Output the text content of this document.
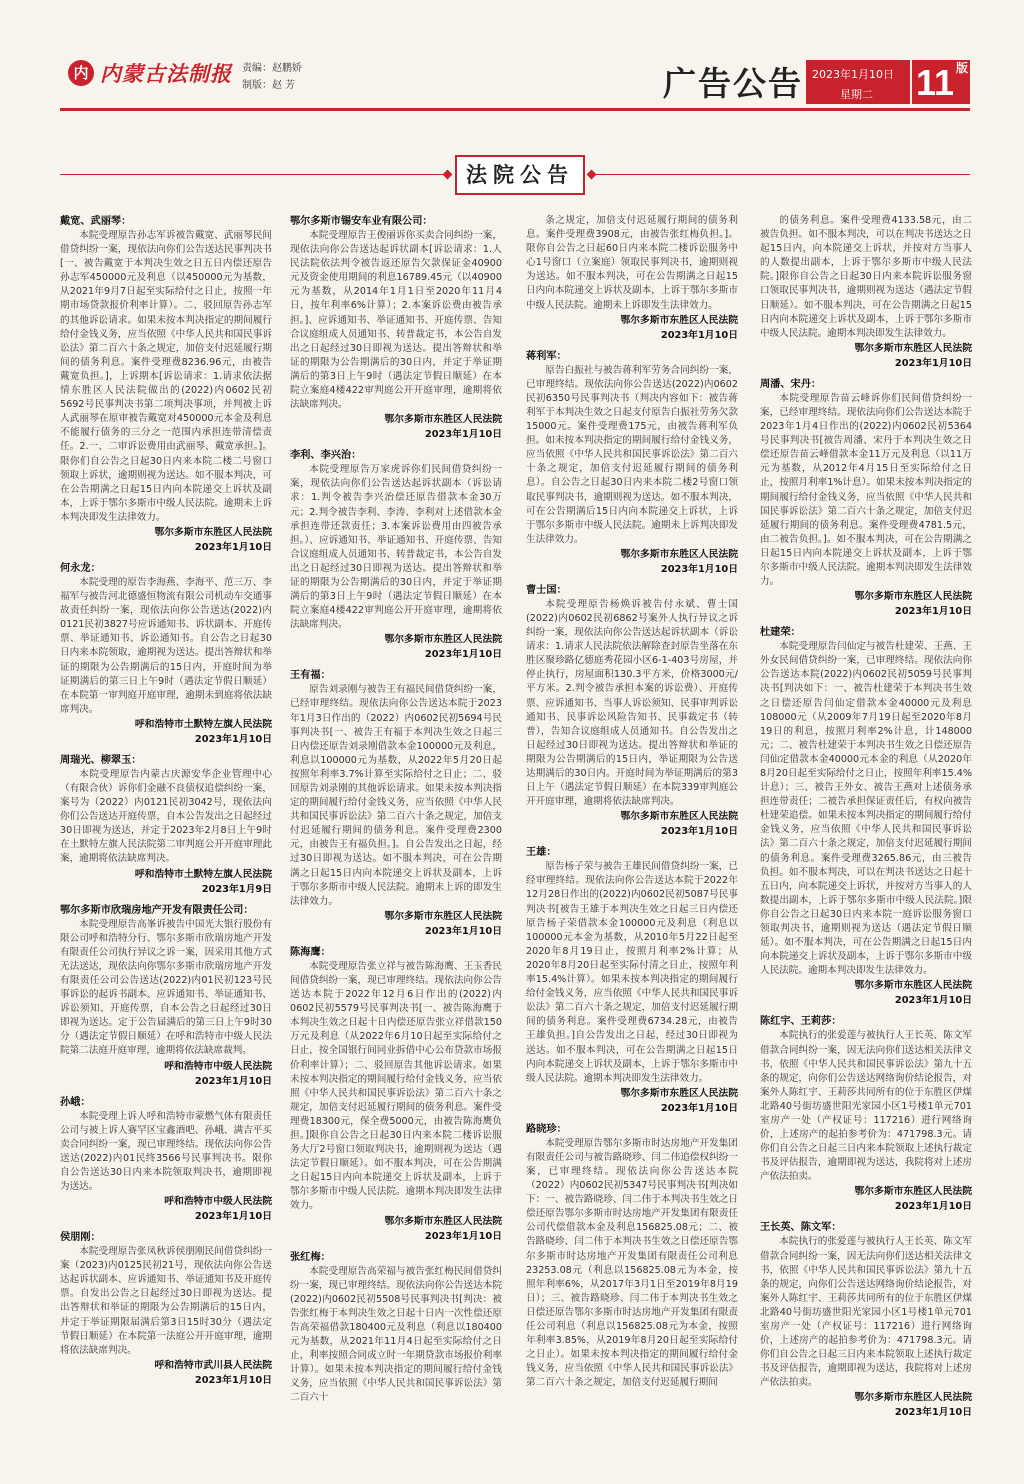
内 内蒙古法制报 责编：赵鹏娇
制版：赵 芳	广告公告 2023年1月10日
星期二 11 版
法院公告
戴宽、武丽琴：

本院受理原告孙志军诉被告戴宽、武丽琴民间借贷纠纷一案，现依法向你们公告送达民事判决书[一、被告戴宽于本判决生效之日五日内偿还原告孙志军450000元及利息（以450000元为基数，从2021年9月7日起至实际给付之日止，按照一年期市场贷款报价利率计算）。二、驳回原告孙志军的其他诉讼请求。如果未按本判决指定的期间履行给付金钱义务，应当依照《中华人民共和国民事诉讼法》第二百六十条之规定，加倍支付迟延履行期间的债务利息。案件受理费8236.96元，由被告戴宽负担。]，上诉期本[诉讼请求：1.请求依法据情东胜区人民法院做出的(2022)内0602民初5692号民事判决书第二项判决事项，并判被上诉人武丽琴在原审被告戴宽对450000元本金及利息不能履行债务的三分之一范围内承担连带清偿责任。2.一、二审诉讼费用由武丽琴、戴宽承担。]。限你们自公告之日起30日内来本院二楼二号窗口领取上诉状，逾期则视为送达。如不服本判决，可在公告期满之日起15日内向本院递交上诉状及副本，上诉于鄂尔多斯市中级人民法院。逾期未上诉本判决即发生法律效力。

鄂尔多斯市东胜区人民法院
2023年1月10日
何永龙：

本院受理的原告李海燕、李海平、范三万、李福军与被告河北德盛恒物流有限公司机动车交通事故责任纠纷一案，现依法向你公告送达(2022)内0121民初3827号应诉通知书、诉状副本、开庭传票、举证通知书、诉讼通知书。自公告之日起30日内来本院领取，逾期视为送达。提出答辩状和举证的期限为公告期满后的15日内，开庭时间为举证期满后的第三日上午9时（遇法定节假日顺延）在本院第一审判庭开庭审理，逾期未到庭将依法缺席判决。

呼和浩特市土默特左旗人民法院
2023年1月10日
周瑞光、柳翠玉：

本院受理原告内蒙古庆源安华企业管理中心（有限合伙）诉你们金融不良债权追偿纠纷一案，案号为（2022）内0121民初3042号，现依法向你们公告送达开庭传票，自本公告发出之日起经过30日即视为送达，并定于2023年2月8日上午9时在土默特左旗人民法院第二审判庭公开开庭审理此案，逾期将依法缺席判决。

呼和浩特市土默特左旗人民法院
2023年1月9日
鄂尔多斯市欣瑞房地产开发有限责任公司：

本院受理原告高峯诉被告中国光大银行股份有限公司呼和浩特分行、鄂尔多斯市欣瑞房地产开发有限责任公司执行异议之诉一案，因采用其他方式无法送达，现依法向你鄂尔多斯市欣瑞房地产开发有限责任公司公告送达(2022)内01民初123号民事诉讼的起诉书副本、应诉通知书、举证通知书、诉讼须知、开庭传票，自本公告之日起经过30日即视为送达。定于公告届满后的第三日上午9时30分（遇法定节假日顺延）在呼和浩特市中级人民法院第二法庭开庭审理，逾期将依法缺席裁判。

呼和浩特市中级人民法院
2023年1月10日
孙峨：

本院受理上诉人呼和浩特市蒙燃气体有限责任公司与被上诉人赛罕区宝鑫酒吧、孙峨、满吉平买卖合同纠纷一案，现已审理终结。现依法向你公告送达(2022)内01民终3566号民事判决书。限你自公告送达30日内来本院领取判决书，逾期即视为送达。

呼和浩特市中级人民法院
2023年1月10日
侯朋刚：

本院受理原告张凤秋诉侯朋刚民间借贷纠纷一案（2023)内0125民初21号，现依法向你公告送达起诉状副本、应诉通知书、举证通知书及开庭传票。自发出公告之日起经过30日即视为送达。提出答辩状和举证的期限为公告期满后的15日内，并定于举证期限届满后第3日15时30分（遇法定节假日顺延）在本院第一法庭公开开庭审理，逾期将依法缺席判决。

呼和浩特市武川县人民法院
2023年1月10日
鄂尔多斯市锡安车业有限公司：

本院受理原告王俊丽诉你买卖合同纠纷一案，现依法向你公告送达起诉状副本[诉讼请求：1.人民法院依法判令被告返还原告欠款保证金40900元及资金使用期间的利息16789.45元（以40900元为基数，从2014年1月1日至2020年11月4日，按年利率6%计算）；2.本案诉讼费由被告承担。]、应诉通知书、举证通知书、开庭传票、告知合议庭组成人员通知书、转普裁定书，本公告自发出之日起经过30日即视为送达。提出答辩状和举证的期限为公告期满后的30日内，并定于举证期满后的第3日上午9时（遇法定节假日顺延）在本院立案庭4楼422审判庭公开开庭审理，逾期将依法缺席判决。

鄂尔多斯市东胜区人民法院
2023年1月10日
李利、李兴治：

本院受理原告万家虎诉你们民间借贷纠纷一案，现依法向你们公告送达起诉状副本（诉讼请求：1.判令被告李兴治偿还原告借款本金30万元；2.判令被告李利、李涛、李利对上述借款本金承担连带还款责任；3.本案诉讼费用由四被告承担。）、应诉通知书、举证通知书、开庭传票、告知合议庭组成人员通知书、转普裁定书，本公告自发出之日起经过30日即视为送达。提出答辩状和举证的期限为公告期满后的30日内，并定于举证期满后的第3日上午9时（遇法定节假日顺延）在本院立案庭4楼422审判庭公开开庭审理，逾期将依法缺席判决。

鄂尔多斯市东胜区人民法院
2023年1月10日
王有福：

原告刘录刚与被告王有福民间借贷纠纷一案，已经审理终结。现依法向你公告送达本院于2023年1月3日作出的（2022）内0602民初5694号民事判决书[一、被告王有福于本判决生效之日起三日内偿还原告刘录刚借款本金100000元及利息，利息以100000元为基数，从2022年5月20日起按照年利率3.7%计算至实际给付之日止；二、驳回原告刘录刚的其他诉讼请求。如果未按本判决指定的期间履行给付金钱义务，应当依照《中华人民共和国民事诉讼法》第二百六十条之规定，加倍支付迟延履行期间的债务利息。案件受理费2300元，由被告王有福负担。]。自公告发出之日起，经过30日即视为送达。如不服本判决，可在公告期满之日起15日内向本院递交上诉状及副本，上诉于鄂尔多斯市中级人民法院。逾期未上诉的即发生法律效力。

鄂尔多斯市东胜区人民法院
2023年1月10日
陈海鹰：

本院受理原告张立祥与被告陈海鹰、王玉香民间借贷纠纷一案，现已审理终结。现依法向你公告送达本院于2022年12月6日作出的(2022)内0602民初5579号民事判决书[一、被告陈海鹰于本判决生效之日起十日内偿还原告张立祥借款150万元及利息（从2022年6月10日起至实际给付之日止，按全国银行间同业拆借中心公布贷款市场报价利率计算）；二、驳回原告其他诉讼请求。如果未按本判决指定的期间履行给付金钱义务，应当依照《中华人民共和国民事诉讼法》第二百六十条之规定，加倍支付迟延履行期间的债务利息。案件受理费18300元，保全费5000元，由被告陈海鹰负担。]限你自公告之日起30日内来本院二楼诉讼服务大厅2号窗口领取判决书，逾期则视为送达（遇法定节假日顺延）。如不服本判决，可在公告期满之日起15日内向本院递交上诉状及副本，上诉于鄂尔多斯市中级人民法院。逾期本判决即发生法律效力。

鄂尔多斯市东胜区人民法院
2023年1月10日
张红梅：

本院受理原告高荣福与被告张红梅民间借贷纠纷一案，现已审理终结。现依法向你公告送达本院(2022)内0602民初5508号民事判决书[判决：被告张红梅于本判决生效之日起十日内一次性偿还原告高荣福借款180400元及利息（利息以180400元为基数，从2021年11月4日起至实际给付之日止，利率按照合同成立时一年期贷款市场报价利率计算）。如果未按本判决指定的期间履行给付金钱义务，应当依照《中华人民共和国民事诉讼法》第二百六十

条之规定，加倍支付迟延履行期间的债务利息。案件受理费3908元，由被告张红梅负担。]。限你自公告之日起60日内来本院二楼诉讼服务中心1号窗口（立案庭）领取民事判决书，逾期则视为送达。如不服本判决，可在公告期满之日起15日内向本院递交上诉状及副本，上诉于鄂尔多斯市中级人民法院。逾期未上诉即发生法律效力。

鄂尔多斯市东胜区人民法院
2023年1月10日
蒋利军：

原告白振社与被告蒋利军劳务合同纠纷一案，已审理终结。现依法向你公告送达(2022)内0602民初6350号民事判决书（判决内容如下：被告蒋利军于本判决生效之日起支付原告白振社劳务欠款15000元。案件受理费175元，由被告蒋利军负担。如未按本判决指定的期间履行给付金钱义务，应当依照《中华人民共和国民事诉讼法》第二百六十条之规定，加倍支付迟延履行期间的债务利息）。自公告之日起30日内来本院二楼2号窗口领取民事判决书，逾期则视为送达。如不服本判决，可在公告期满后15日内向本院递交上诉状，上诉于鄂尔多斯市中级人民法院。逾期未上诉判决即发生法律效力。

鄂尔多斯市东胜区人民法院
2023年1月10日
曹士国：

本院受理原告杨焕诉被告付永斌、曹士国(2022)内0602民初6862号案外人执行异议之诉纠纷一案，现依法向你公告送达起诉状副本（诉讼请求：1.请求人民法院依法解除查封原告坐落在东胜区聚珍路亿德庭秀花园小区6-1-403号房屋，并停止执行，房屋面积130.3平方米，价格3000元/平方米。2.判令被告承担本案的诉讼费）、开庭传票、应诉通知书、当事人诉讼须知、民事审判诉讼通知书、民事诉讼风险告知书、民事裁定书（转普），告知合议庭组成人员通知书。自公告发出之日起经过30日即视为送达。提出答辩状和举证的期限为公告期满后的15日内，举证期限为公告送达期满后的30日内。开庭时间为举证期满后的第3日上午（遇法定节假日顺延）在本院339审判庭公开开庭审理，逾期将依法缺席判决。

鄂尔多斯市东胜区人民法院
2023年1月10日
王雄：

原告杨子荣与被告王雄民间借贷纠纷一案，已经审理终结。现依法向你公告送达本院于2022年12月28日作出的(2022)内0602民初5087号民事判决书[被告王雄于本判决生效之日起三日内偿还原告杨子荣借款本金100000元及利息（利息以100000元本金为基数，从2010年5月22日起至2020年8月19日止，按照月利率2%计算；从2020年8月20日起至实际付清之日止，按照年利率15.4%计算）。如果未按本判决指定的期间履行给付金钱义务，应当依照《中华人民共和国民事诉讼法》第二百六十条之规定，加倍支付迟延履行期间的债务利息。案件受理费6734.28元，由被告王雄负担。]自公告发出之日起，经过30日即视为送达。如不服本判决，可在公告期满之日起15日内向本院递交上诉状及副本，上诉于鄂尔多斯市中级人民法院。逾期本判决即发生法律效力。

鄂尔多斯市东胜区人民法院
2023年1月10日
路晓珍：

本院受理原告鄂尔多斯市时达房地产开发集团有限责任公司与被告路晓珍、闫二伟追偿权纠纷一案，已审理终结。现依法向你公告送达本院（2022）内0602民初5347号民事判决书[判决如下：一、被告路晓珍、闫二伟于本判决书生效之日偿还原告鄂尔多斯市时达房地产开发集团有限责任公司代偿借款本金及利息156825.08元；二、被告路晓珍、闫二伟于本判决书生效之日偿还原告鄂尔多斯市时达房地产开发集团有限责任公司利息23253.08元（利息以156825.08元为本金，按照年利率6%，从2017年3月1日至2019年8月19日）；三、被告路晓珍、闫二伟于本判决书生效之日偿还原告鄂尔多斯市时达房地产开发集团有限责任公司利息（利息以156825.08元为本金，按照年利率3.85%，从2019年8月20日起至实际给付之日止）。如果未按本判决指定的期间履行给付金钱义务，应当依照《中华人民共和国民事诉讼法》第二百六十条之规定，加倍支付迟延履行期间

的债务利息。案件受理费4133.58元，由二被告负担。如不服本判决，可以在判决书送达之日起15日内，向本院递交上诉状，并按对方当事人的人数提出副本，上诉于鄂尔多斯市中级人民法院。]限你自公告之日起30日内来本院诉讼服务窗口领取民事判决书，逾期则视为送达（遇法定节假日顺延）。如不服本判决，可在公告期满之日起15日内向本院递交上诉状及副本，上诉于鄂尔多斯市中级人民法院。逾期本判决即发生法律效力。

鄂尔多斯市东胜区人民法院
2023年1月10日
周潘、宋丹：

本院受理原告苗云峰诉你们民间借贷纠纷一案，已经审理终结。现依法向你们公告送达本院于2023年1月4日作出的(2022)内0602民初5364号民事判决书[被告周潘、宋丹于本判决生效之日偿还原告苗云峰借款本金11万元及利息（以11万元为基数，从2012年4月15日至实际给付之日止，按照月利率1%计息）。如果未按本判决指定的期间履行给付金钱义务，应当依照《中华人民共和国民事诉讼法》第二百六十条之规定，加倍支付迟延履行期间的债务利息。案件受理费4781.5元，由二被告负担。]。如不服本判决，可在公告期满之日起15日内向本院递交上诉状及副本，上诉于鄂尔多斯市中级人民法院。逾期本判决即发生法律效力。

鄂尔多斯市东胜区人民法院
2023年1月10日
杜建荣：

本院受理原告闫仙定与被告杜建荣、王燕、王外女民间借贷纠纷一案，已审理终结。现依法向你公告送达本院(2022)内0602民初5059号民事判决书[判决如下：一、被告杜建荣于本判决书生效之日偿还原告闫仙定借款本金40000元及利息108000元（从2009年7月19日起至2020年8月19日的利息，按照月利率2%计息，计148000元；二、被告杜建荣于本判决书生效之日偿还原告闫仙定借款本金40000元本金的利息（从2020年8月20日起至实际给付之日止，按照年利率15.4%计息）；三、被告王外女、被告王燕对上述债务承担连带责任；二被告承担保证责任后，有权向被告杜建荣追偿。如果未按本判决指定的期间履行给付金钱义务，应当依照《中华人民共和国民事诉讼法》第二百六十条之规定，加倍支付迟延履行期间的债务利息。案件受理费3265.86元，由三被告负担。如不服本判决，可以在判决书送达之日起十五日内，向本院递交上诉状，并按对方当事人的人数提出副本，上诉于鄂尔多斯市中级人民法院。]限你自公告之日起30日内来本院一庭诉讼服务窗口领取判决书，逾期则视为送达（遇法定节假日顺延）。如不服本判决，可在公告期满之日起15日内向本院递交上诉状及副本，上诉于鄂尔多斯市中级人民法院。逾期本判决即发生法律效力。

鄂尔多斯市东胜区人民法院
2023年1月10日
陈红宇、王莉莎：

本院执行的张爱莲与被执行人王长英、陈文军借款合同纠纷一案，因无法向你们送达相关法律文书，依照《中华人民共和国民事诉讼法》第九十五条的规定，向你们公告送达网络询价结论报告，对案外人陈红宇、王莉莎共同所有的位于东胜区伊煤北路40号街坊盛世阳光家园小区1号楼1单元701室房产一处（产权证号：117216）进行网络询价，上述房产的起拍参考价为：471798.3元。请你们自公告之日起三日内来本院领取上述执行裁定书及评估报告，逾期即视为送达，我院将对上述房产依法拍卖。

鄂尔多斯市东胜区人民法院
2023年1月10日
王长英、陈文军：

本院执行的张爱莲与被执行人王长英、陈文军借款合同纠纷一案，因无法向你们送达相关法律文书，依照《中华人民共和国民事诉讼法》第九十五条的规定，向你们公告送达网络询价结论报告，对案外人陈红宇、王莉莎共同所有的位于东胜区伊煤北路40号街坊盛世阳光家园小区1号楼1单元701室房产一处（产权证号：117216）进行网络询价，上述房产的起拍参考价为：471798.3元。请你们自公告之日起三日内来本院领取上述执行裁定书及评估报告，逾期即视为送达，我院将对上述房产依法拍卖。

鄂尔多斯市东胜区人民法院
2023年1月10日
